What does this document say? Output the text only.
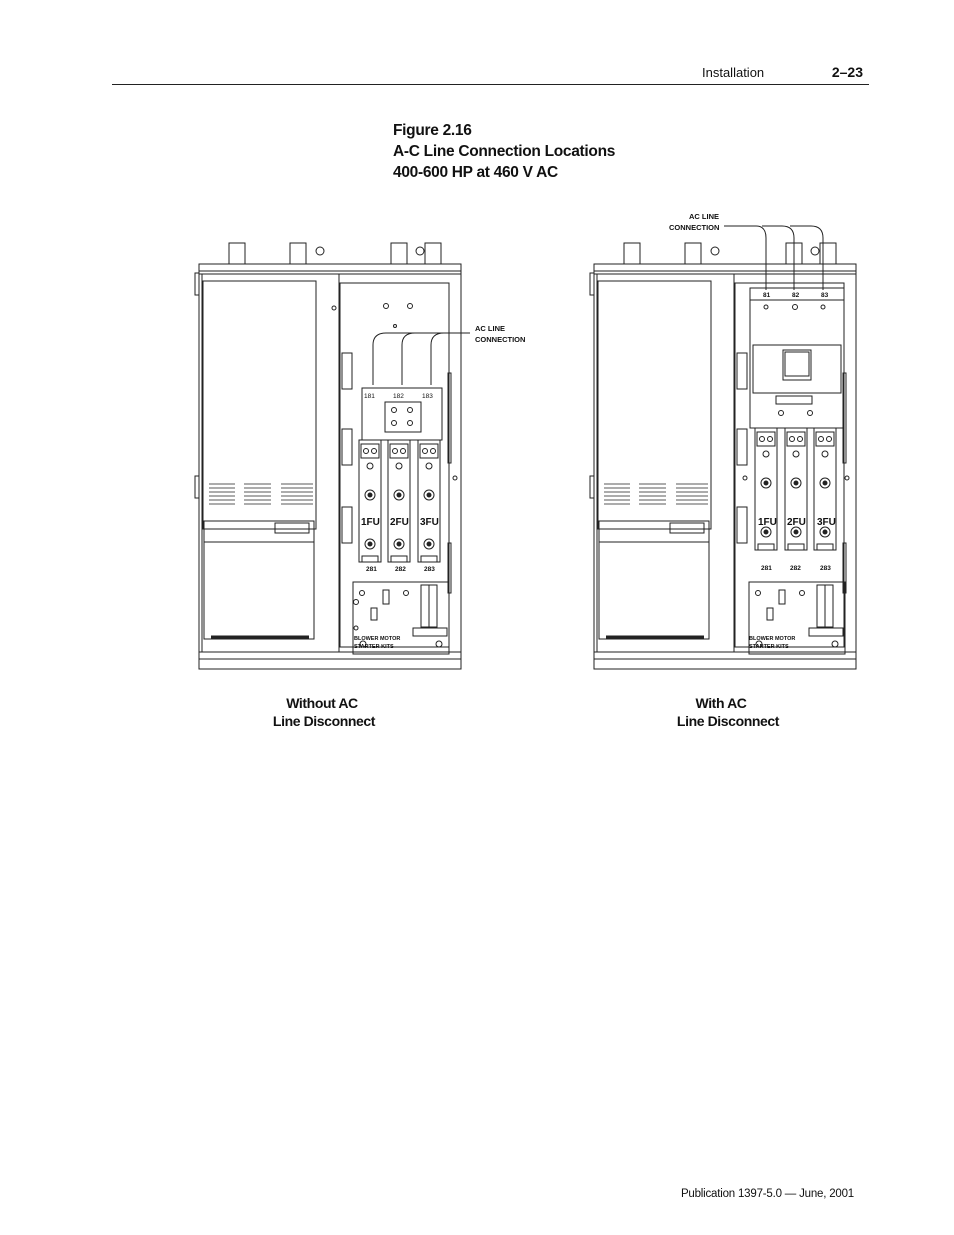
Installation	2–23
Figure 2.16
A-C Line Connection Locations
400-600 HP at 460 V AC
AC LINE
CONNECTION
181	182	183
1FU 2FU 3FU
281	282	283
BLOWER MOTOR
STARTER KITS
AC LINE
CONNECTION
81	82	83
1FU 2FU 3FU
281	282	283
BLOWER MOTOR
STARTER KITS
Without AC
Line Disconnect
With AC
Line Disconnect
Publication 1397-5.0 — June, 2001
